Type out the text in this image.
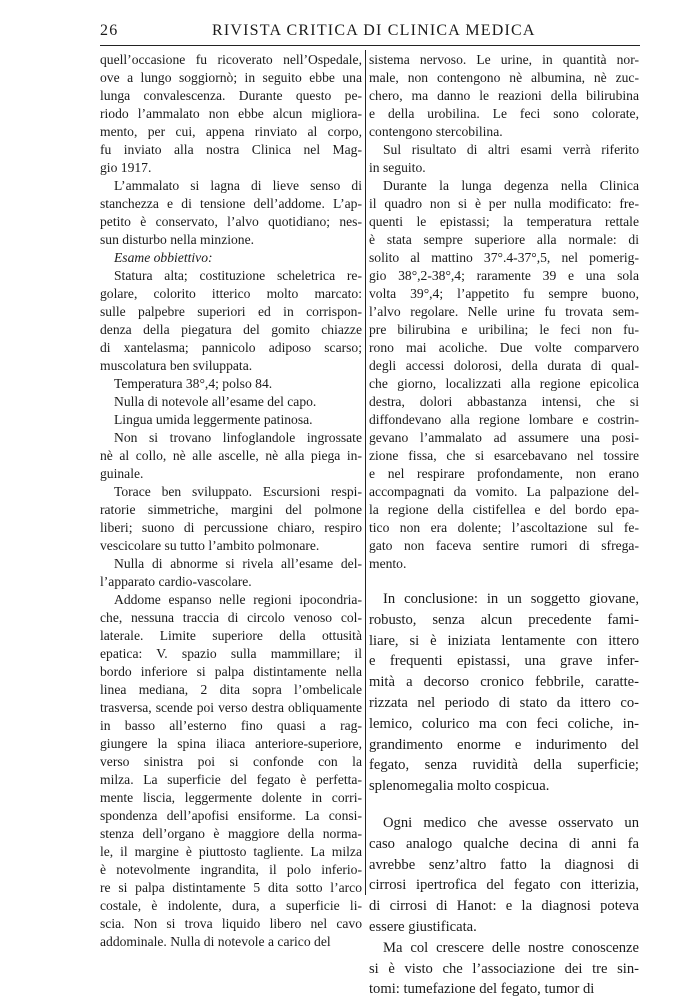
26	RIVISTA CRITICA DI CLINICA MEDICA

quell’occasione fu ricoverato nell’Ospedale,

ove a lungo soggiornò; in seguito ebbe una

lunga convalescenza. Durante questo pe-

riodo l’ammalato non ebbe alcun migliora-

mento, per cui, appena rinviato al corpo,

fu inviato alla nostra Clinica nel Mag-

gio 1917.

L’ammalato si lagna di lieve senso di

stanchezza e di tensione dell’addome. L’ap-

petito è conservato, l’alvo quotidiano; nes-

sun disturbo nella minzione.

Esame obbiettivo:

Statura alta; costituzione scheletrica re-

golare, colorito itterico molto marcato:

sulle palpebre superiori ed in corrispon-

denza della piegatura del gomito chiazze

di xantelasma; pannicolo adiposo scarso;

muscolatura ben sviluppata.

Temperatura 38°,4; polso 84.

Nulla di notevole all’esame del capo.

Lingua umida leggermente patinosa.

Non si trovano linfoglandole ingrossate

nè al collo, nè alle ascelle, nè alla piega in-

guinale.

Torace ben sviluppato. Escursioni respi-

ratorie simmetriche, margini del polmone

liberi; suono di percussione chiaro, respiro

vescicolare su tutto l’ambito polmonare.

Nulla di abnorme si rivela all’esame del-

l’apparato cardio-vascolare.

Addome espanso nelle regioni ipocondria-

che, nessuna traccia di circolo venoso col-

laterale. Limite superiore della ottusità

epatica: V. spazio sulla mammillare; il

bordo inferiore si palpa distintamente nella

linea mediana, 2 dita sopra l’ombelicale

trasversa, scende poi verso destra obliquamente

in basso all’esterno fino quasi a rag-

giungere la spina iliaca anteriore-superiore,

verso sinistra poi si confonde con la

milza. La superficie del fegato è perfetta-

mente liscia, leggermente dolente in corri-

spondenza dell’apofisi ensiforme. La consi-

stenza dell’organo è maggiore della norma-

le, il margine è piuttosto tagliente. La milza

è notevolmente ingrandita, il polo inferio-

re si palpa distintamente 5 dita sotto l’arco

costale, è indolente, dura, a superficie li-

scia. Non si trova liquido libero nel cavo

addominale. Nulla di notevole a carico del

sistema nervoso. Le urine, in quantità nor-

male, non contengono nè albumina, nè zuc-

chero, ma danno le reazioni della bilirubina

e della urobilina. Le feci sono colorate,

contengono stercobilina.

Sul risultato di altri esami verrà riferito

in seguito.

Durante la lunga degenza nella Clinica

il quadro non si è per nulla modificato: fre-

quenti le epistassi; la temperatura rettale

è stata sempre superiore alla normale: di

solito al mattino 37°.4-37°,5, nel pomerig-

gio 38°,2-38°,4; raramente 39 e una sola

volta 39°,4; l’appetito fu sempre buono,

l’alvo regolare. Nelle urine fu trovata sem-

pre bilirubina e uribilina; le feci non fu-

rono mai acoliche. Due volte comparvero

degli accessi dolorosi, della durata di qual-

che giorno, localizzati alla regione epicolica

destra, dolori abbastanza intensi, che si

diffondevano alla regione lombare e costrin-

gevano l’ammalato ad assumere una posi-

zione fissa, che si esarcebavano nel tossire

e nel respirare profondamente, non erano

accompagnati da vomito. La palpazione del-

la regione della cistifellea e del bordo epa-

tico non era dolente; l’ascoltazione sul fe-

gato non faceva sentire rumori di sfrega-

mento.

In conclusione: in un soggetto giovane,

robusto, senza alcun precedente fami-

liare, si è iniziata lentamente con ittero

e frequenti epistassi, una grave infer-

mità a decorso cronico febbrile, caratte-

rizzata nel periodo di stato da ittero co-

lemico, colurico ma con feci coliche, in-

grandimento enorme e indurimento del

fegato, senza ruvidità della superficie;

splenomegalia molto cospicua.

Ogni medico che avesse osservato un

caso analogo qualche decina di anni fa

avrebbe senz’altro fatto la diagnosi di

cirrosi ipertrofica del fegato con itterizia,

di cirrosi di Hanot: e la diagnosi poteva

essere giustificata.

Ma col crescere delle nostre conoscenze

si è visto che l’associazione dei tre sin-

tomi: tumefazione del fegato, tumor di
